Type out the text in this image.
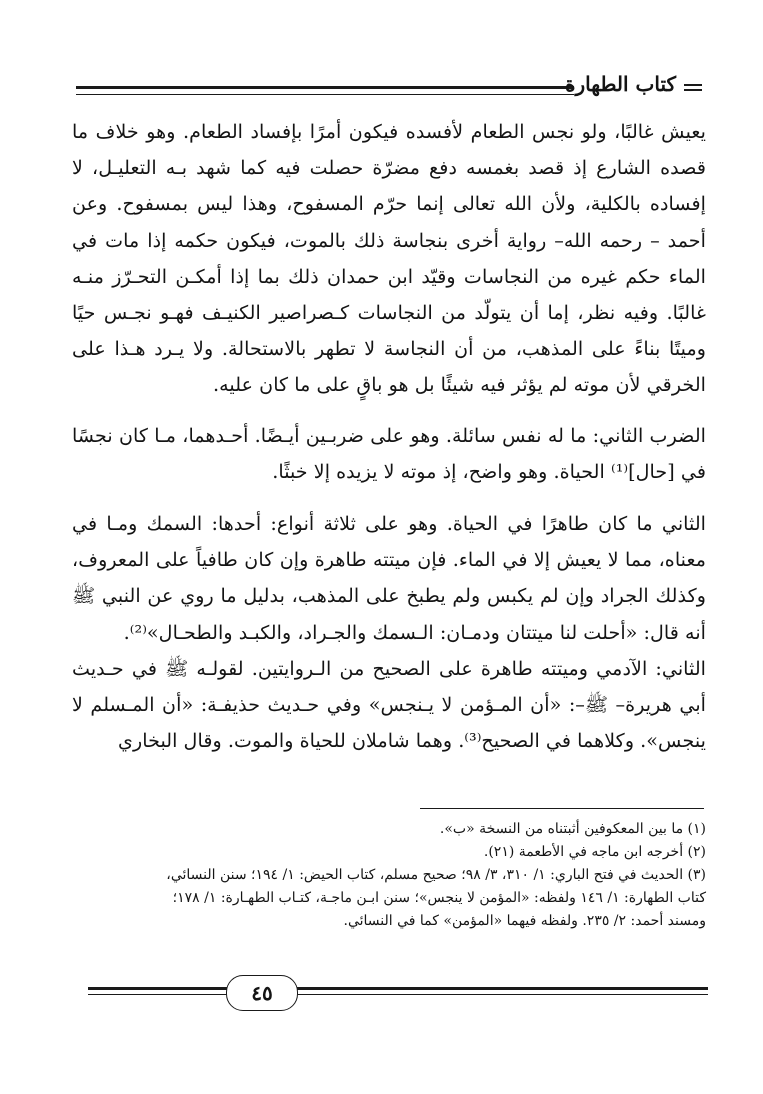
كتاب الطهارة

يعيش غالبًا، ولو نجس الطعام لأفسده فيكون أمرًا بإفساد الطعام. وهو خلاف ما قصده الشارع إذ قصد بغمسه دفع مضرّة حصلت فيه كما شهد بـه التعليـل، لا إفساده بالكلية، ولأن الله تعالى إنما حرّم المسفوح، وهذا ليس بمسفوح. وعن أحمد – رحمه الله– رواية أخرى بنجاسة ذلك بالموت، فيكون حكمه إذا مات في الماء حكم غيره من النجاسات وقيّد ابن حمدان ذلك بما إذا أمكـن التحـرّز منـه غالبًا. وفيه نظر، إما أن يتولّد من النجاسات كـصراصير الكنيـف فهـو نجـس حيًا وميتًا بناءً على المذهب، من أن النجاسة لا تطهر بالاستحالة. ولا يـرد هـذا على الخرقي لأن موته لم يؤثر فيه شيئًا بل هو باقٍ على ما كان عليه.

الضرب الثاني: ما له نفس سائلة. وهو على ضربـين أيـضًا. أحـدهما، مـا كان نجسًا في [حال]⁽¹⁾ الحياة. وهو واضح، إذ موته لا يزيده إلا خبثًا.

الثاني ما كان طاهرًا في الحياة. وهو على ثلاثة أنواع: أحدها: السمك ومـا في معناه، مما لا يعيش إلا في الماء. فإن ميتته طاهرة وإن كان طافياً على المعروف، وكذلك الجراد وإن لم يكبس ولم يطبخ على المذهب، بدليل ما روي عن النبي ﷺ أنه قال: «أحلت لنا ميتتان ودمـان: الـسمك والجـراد، والكبـد والطحـال»⁽²⁾.

الثاني: الآدمي وميتته طاهرة على الصحيح من الـروايتين. لقولـه ﷺ في حـديث أبي هريرة– ﷺ–: «أن المـؤمن لا يـنجس» وفي حـديث حذيفـة: «أن المـسلم لا ينجس». وكلاهما في الصحيح⁽³⁾. وهما شاملان للحياة والموت. وقال البخاري

(١) ما بين المعكوفين أثبتناه من النسخة «ب».

(٢) أخرجه ابن ماجه في الأطعمة (٢١).

(٣) الحديث في فتح الباري: ١/ ٣١٠، ٣/ ٩٨؛ صحيح مسلم، كتاب الحيض: ١/ ١٩٤؛ سنن النسائي،

كتاب الطهارة: ١/ ١٤٦ ولفظه: «المؤمن لا ينجس»؛ سنن ابـن ماجـة، كتـاب الطهـارة: ١/ ١٧٨؛

ومسند أحمد: ٢/ ٢٣٥. ولفظه فيهما «المؤمن» كما في النسائي.

٤٥
